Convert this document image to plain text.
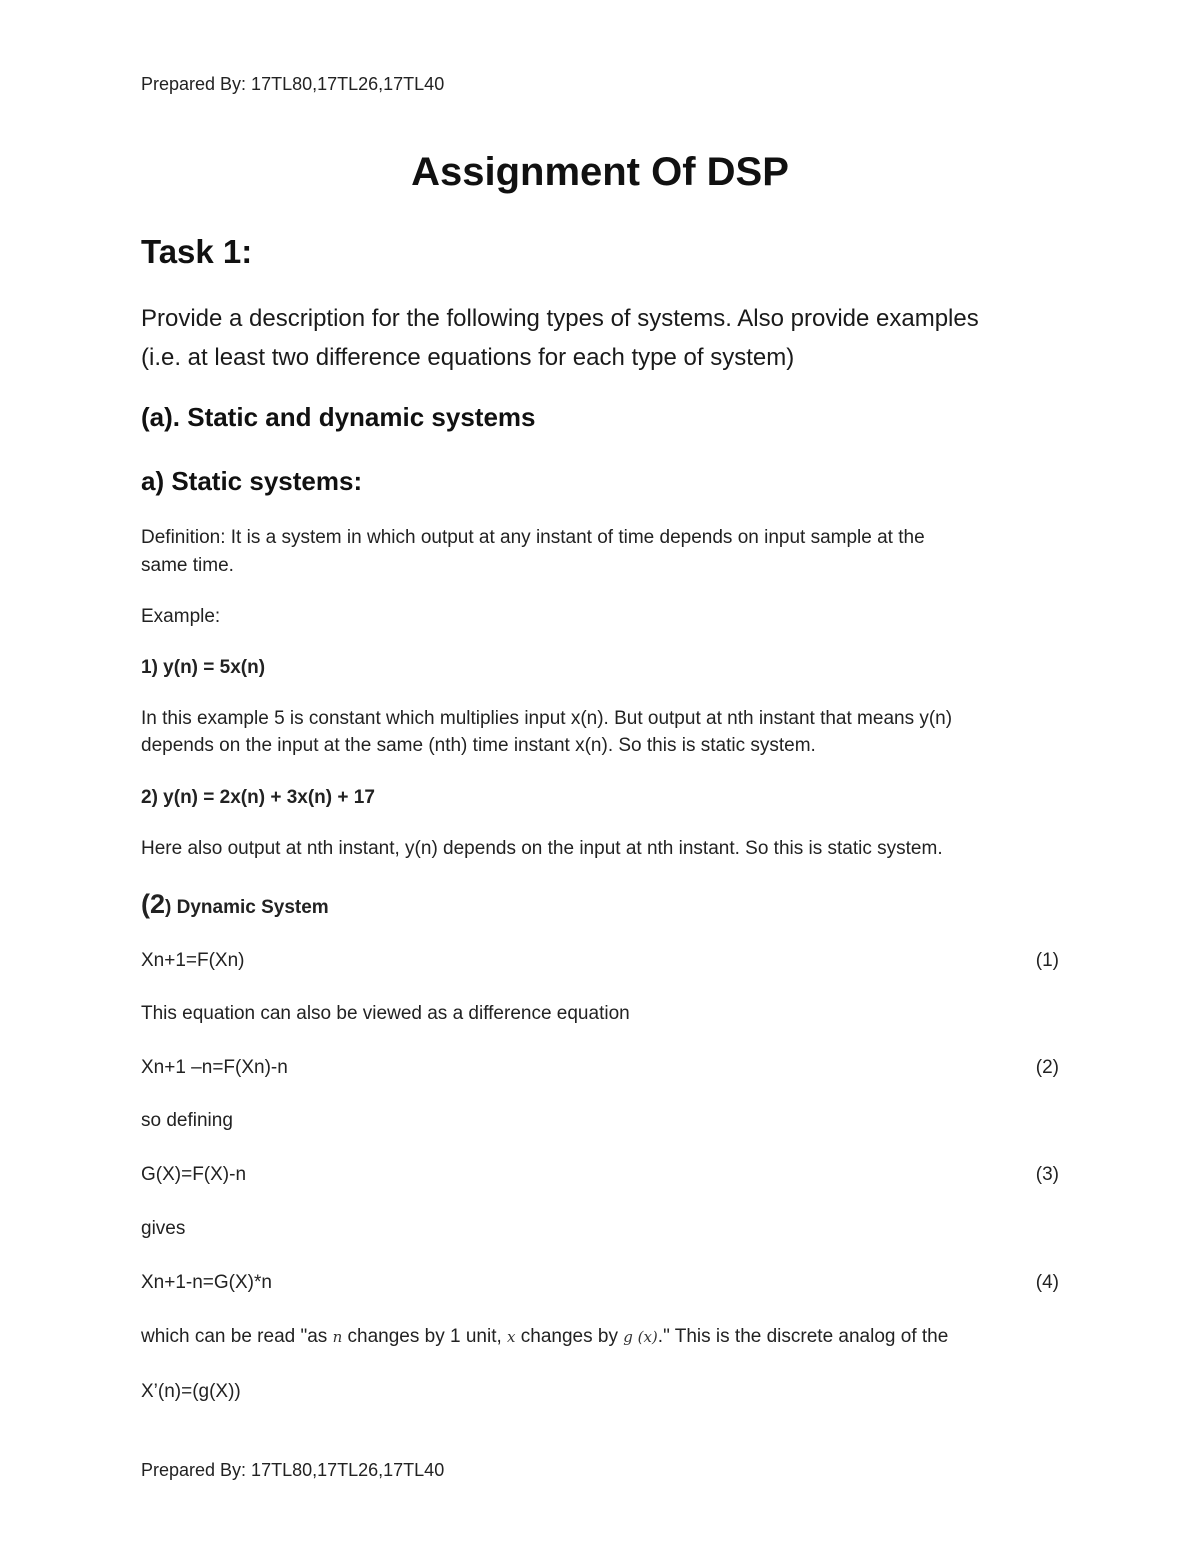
Prepared By: 17TL80,17TL26,17TL40
Assignment Of DSP
Task 1:
Provide a description for the following types of systems. Also provide examples
(i.e. at least two difference equations for each type of system)
(a). Static and dynamic systems
a) Static systems:
Definition: It is a system in which output at any instant of time depends on input sample at the
same time.
Example:
1) y(n) = 5x(n)
In this example 5 is constant which multiplies input x(n). But output at nth instant that means y(n)
depends on the input at the same (nth) time instant x(n). So this is static system.
2) y(n) = 2x(n) + 3x(n) + 17
Here also output at nth instant, y(n) depends on the input at nth instant. So this is static system.
(2) Dynamic System
Xn+1=F(Xn)	(1)
This equation can also be viewed as a difference equation
Xn+1 –n=F(Xn)-n	(2)
so defining
G(X)=F(X)-n	(3)
gives
Xn+1-n=G(X)*n	(4)
which can be read "as n changes by 1 unit, x changes by g (x)." This is the discrete analog of the
X’(n)=(g(X))
Prepared By: 17TL80,17TL26,17TL40
